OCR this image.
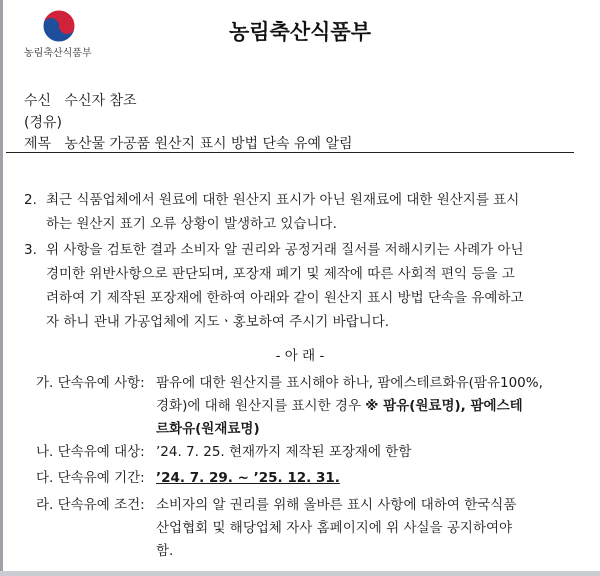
농림축산식품부
농림축산식품부
수신 수신자 참조
(경유)
제목 농산물 가공품 원산지 표시 방법 단속 유예 알림
2. 최근 식품업체에서 원료에 대한 원산지 표시가 아닌 원재료에 대한 원산지를 표시
하는 원산지 표기 오류 상황이 발생하고 있습니다.
3. 위 사항을 검토한 결과 소비자 알 권리와 공정거래 질서를 저해시키는 사례가 아닌
경미한 위반사항으로 판단되며, 포장재 폐기 및 제작에 따른 사회적 편익 등을 고
려하여 기 제작된 포장재에 한하여 아래와 같이 원산지 표시 방법 단속을 유예하고
자 하니 관내 가공업체에 지도ㆍ홍보하여 주시기 바랍니다.
- 아 래 -
가. 단속유예 사항: 팜유에 대한 원산지를 표시해야 하나, 팜에스테르화유(팜유100%,
경화)에 대해 원산지를 표시한 경우 ※ 팜유(원료명), 팜에스테
르화유(원재료명)
나. 단속유예 대상: ’24. 7. 25. 현재까지 제작된 포장재에 한함
다. 단속유예 기간: ’24. 7. 29. ~ ’25. 12. 31.
라. 단속유예 조건: 소비자의 알 권리를 위해 올바른 표시 사항에 대하여 한국식품
산업협회 및 해당업체 자사 홈페이지에 위 사실을 공지하여야
함.
